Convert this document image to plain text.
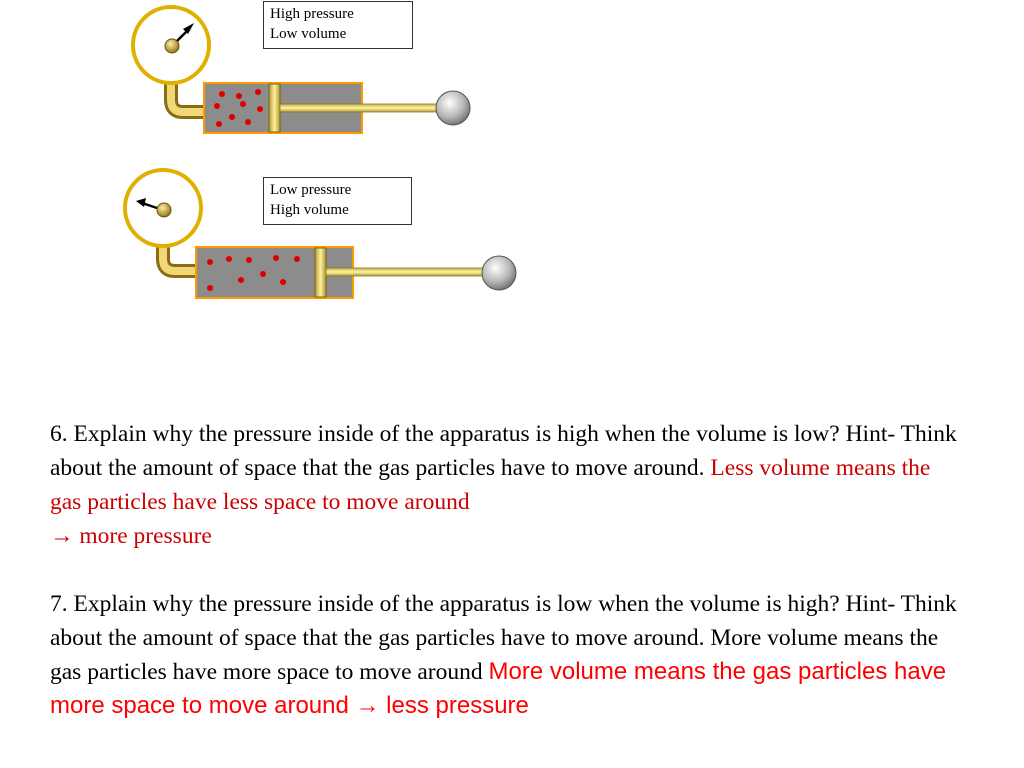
High pressure
Low volume
Low pressure
High volume
6. Explain why the pressure inside of the apparatus is high when the volume is low? Hint- Think about the amount of space that the gas particles have to move around. Less volume means the gas particles have less space to move around
→ more pressure
7. Explain why the pressure inside of the apparatus is low when the volume is high? Hint- Think about the amount of space that the gas particles have to move around. More volume means the gas particles have more space to move around More volume means the gas particles have more space to move around → less pressure
